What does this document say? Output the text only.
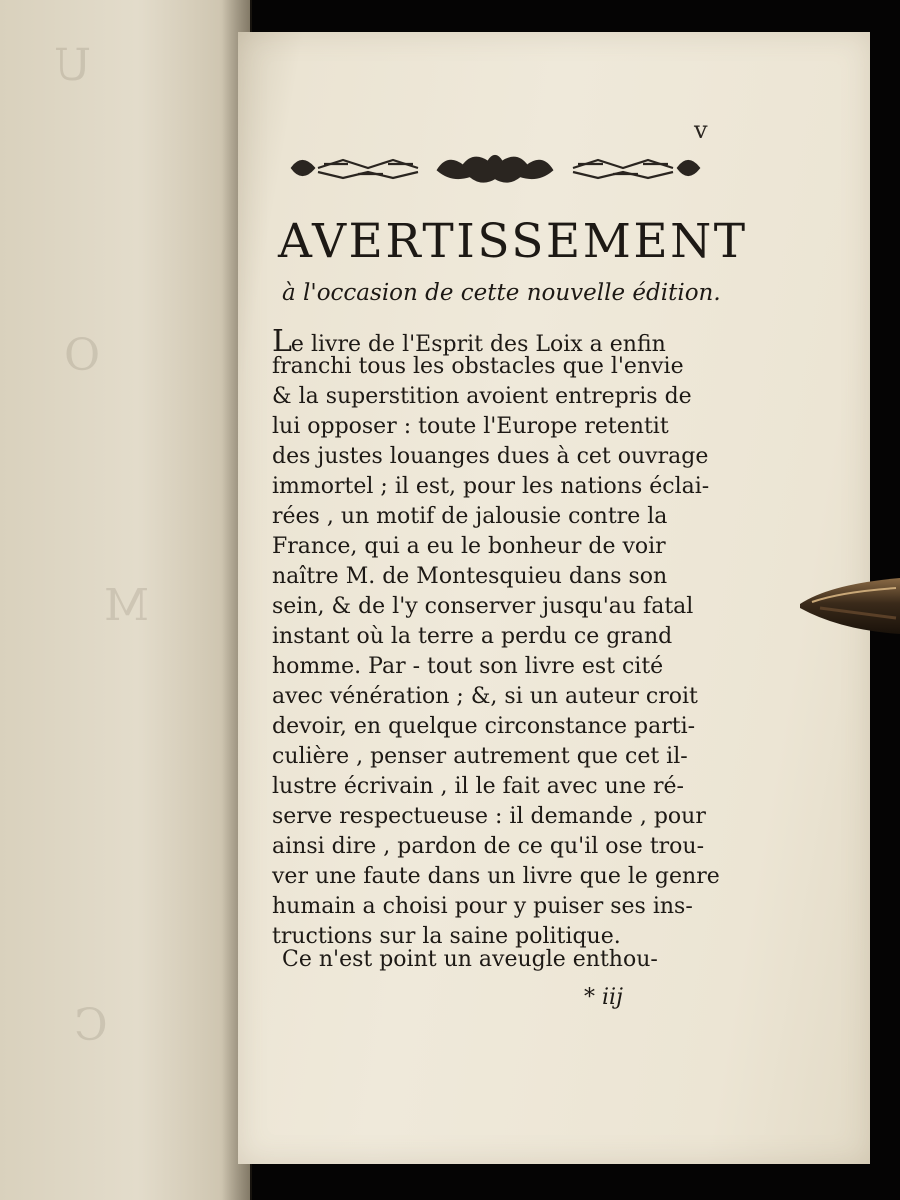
U
O
M
C
v
AVERTISSEMENT
à l'occasion de cette nouvelle édition.
Le livre de l'Esprit des Loix a enfin
franchi tous les obstacles que l'envie
& la superstition avoient entrepris de
lui opposer : toute l'Europe retentit
des justes louanges dues à cet ouvrage
immortel ; il est, pour les nations éclai-
rées , un motif de jalousie contre la
France, qui a eu le bonheur de voir
naître M. de Montesquieu dans son
sein, & de l'y conserver jusqu'au fatal
instant où la terre a perdu ce grand
homme. Par - tout son livre est cité
avec vénération ; &, si un auteur croit
devoir, en quelque circonstance parti-
culière , penser autrement que cet il-
lustre écrivain , il le fait avec une ré-
serve respectueuse : il demande , pour
ainsi dire , pardon de ce qu'il ose trou-
ver une faute dans un livre que le genre
humain a choisi pour y puiser ses ins-
tructions sur la saine politique.
Ce n'est point un aveugle enthou-
* iij
